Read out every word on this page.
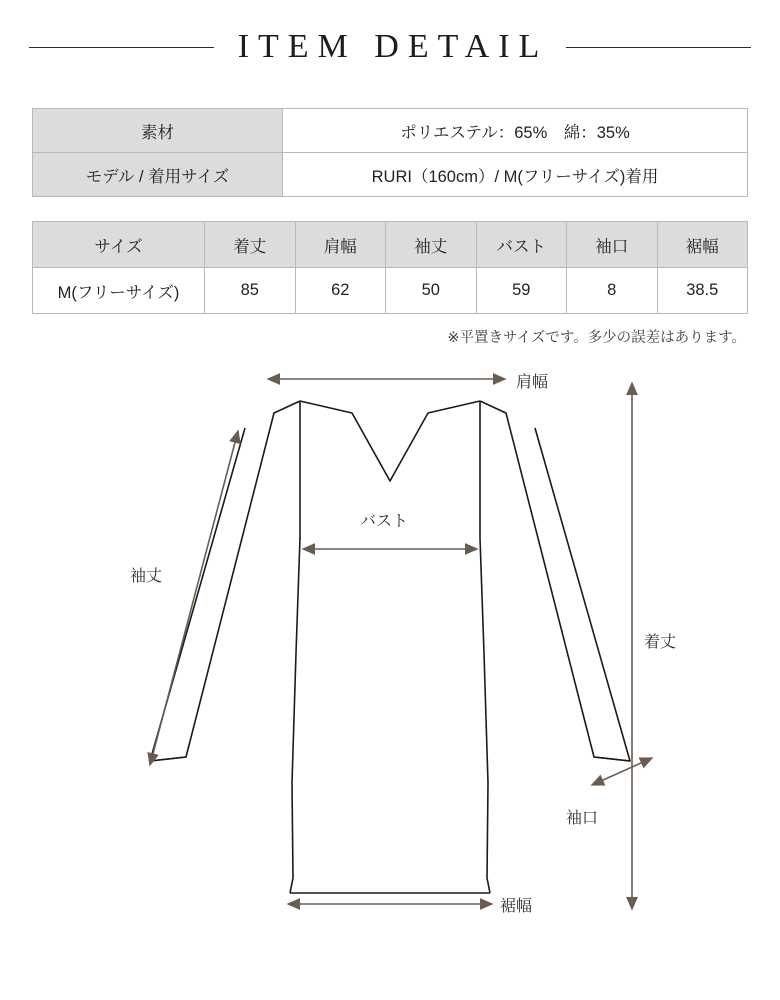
ITEM DETAIL
素材	ポリエステル：65%　綿：35%
モデル / 着用サイズ	RURI（160cm）/ M(フリーサイズ)着用
サイズ	着丈	肩幅	袖丈	バスト	袖口	裾幅
M(フリーサイズ)	85	62	50	59	8	38.5
※平置きサイズです。多少の誤差はあります。
肩幅
袖丈
バスト
着丈
袖口
裾幅
